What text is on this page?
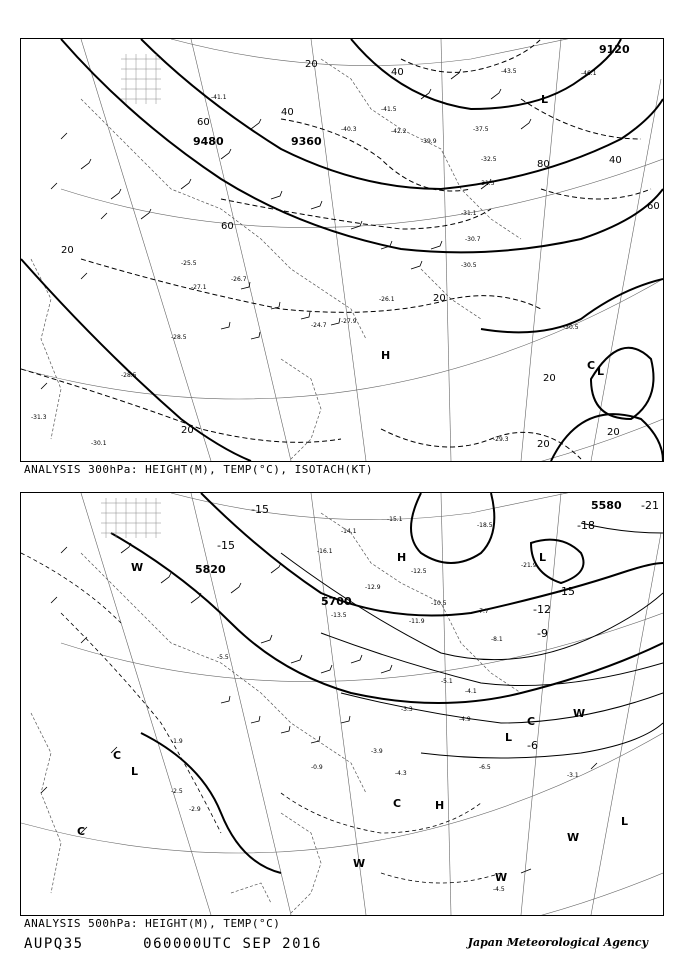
9120
9480	9360
20
20
20
20
20
20
20
40
40
40
60
60
60
80
H
L
L
C
-41.1
-41.5
-40.3	-42.2
-39.9
-37.5
-32.5
-31.5
-31.1
-30.7
-30.5
-26.1
-27.9
-24.7
-28.5
-30.5
-29.3
-46.1
-43.5
-26.7
-25.5
-27.1
-28.5
-30.1
-31.3
ANALYSIS 300hPa: HEIGHT(M), TEMP(°C), ISOTACH(KT)
5700
5820
5580
-12
-15
-15
-15
-9
-6
-18
-21
H
H
L
L
L
L
C
C
C
C
W
W
W
W
W
-12.5
-13.5
-11.9
-10.5
-12.9
-15.1
-16.1
-14.1
-5.5
-4.3
-6.5
-3.9
-4.5
-3.1
-2.9
-2.5
-1.9
-4.9
-4.1
-0.9
-5.1
-3.3
-7.7
-8.1
-18.5
-21.9
ANALYSIS 500hPa: HEIGHT(M), TEMP(°C)
AUPQ35	060000UTC SEP 2016	Japan Meteorological Agency
